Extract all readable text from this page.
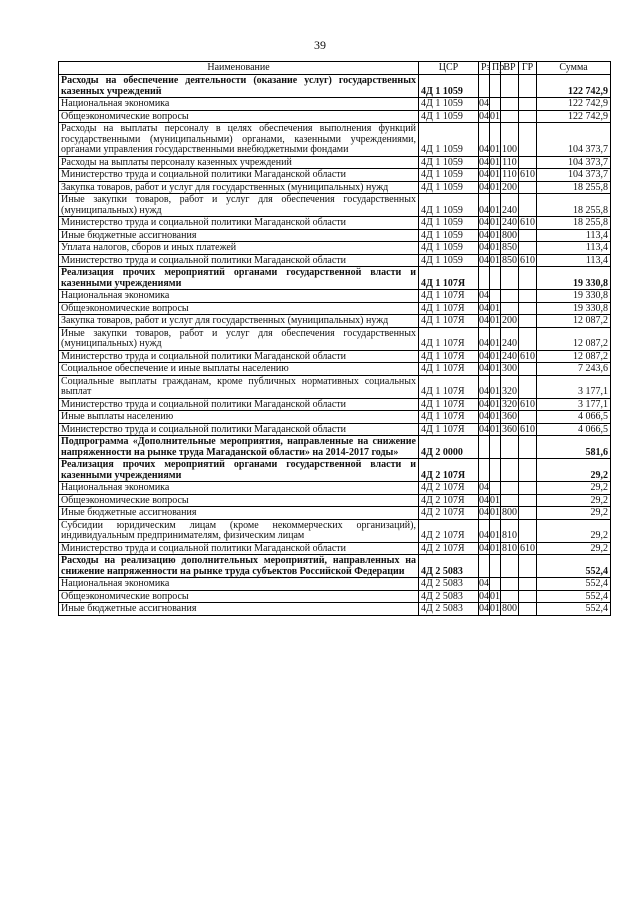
39
Наименование	ЦСР	Рз	Пр	ВР	ГР	Сумма
Расходы на обеспечение деятельности (оказание услуг) государственных казенных учреждений	4Д 1 1059					122 742,9
Национальная экономика	4Д 1 1059	04				122 742,9
Общеэкономические вопросы	4Д 1 1059	04	01			122 742,9
Расходы на выплаты персоналу в целях обеспечения выполнения функций государственными (муниципальными) органами, казенными учреждениями, органами управления государственными внебюджетными фондами	4Д 1 1059	04	01	100		104 373,7
Расходы на выплаты персоналу казенных учреждений	4Д 1 1059	04	01	110		104 373,7
Министерство труда и социальной политики Магаданской области	4Д 1 1059	04	01	110	610	104 373,7
Закупка товаров, работ и услуг для государственных (муниципальных) нужд	4Д 1 1059	04	01	200		18 255,8
Иные закупки товаров, работ и услуг для обеспечения государственных (муниципальных) нужд	4Д 1 1059	04	01	240		18 255,8
Министерство труда и социальной политики Магаданской области	4Д 1 1059	04	01	240	610	18 255,8
Иные бюджетные ассигнования	4Д 1 1059	04	01	800		113,4
Уплата налогов, сборов и иных платежей	4Д 1 1059	04	01	850		113,4
Министерство труда и социальной политики Магаданской области	4Д 1 1059	04	01	850	610	113,4
Реализация прочих мероприятий органами государственной власти и казенными учреждениями	4Д 1 107Я					19 330,8
Национальная экономика	4Д 1 107Я	04				19 330,8
Общеэкономические вопросы	4Д 1 107Я	04	01			19 330,8
Закупка товаров, работ и услуг для государственных (муниципальных) нужд	4Д 1 107Я	04	01	200		12 087,2
Иные закупки товаров, работ и услуг для обеспечения государственных (муниципальных) нужд	4Д 1 107Я	04	01	240		12 087,2
Министерство труда и социальной политики Магаданской области	4Д 1 107Я	04	01	240	610	12 087,2
Социальное обеспечение и иные выплаты населению	4Д 1 107Я	04	01	300		7 243,6
Социальные выплаты гражданам, кроме публичных нормативных социальных выплат	4Д 1 107Я	04	01	320		3 177,1
Министерство труда и социальной политики Магаданской области	4Д 1 107Я	04	01	320	610	3 177,1
Иные выплаты населению	4Д 1 107Я	04	01	360		4 066,5
Министерство труда и социальной политики Магаданской области	4Д 1 107Я	04	01	360	610	4 066,5
Подпрограмма «Дополнительные мероприятия, направленные на снижение напряженности на рынке труда Магаданской области» на 2014-2017 годы»	4Д 2 0000					581,6
Реализация прочих мероприятий органами государственной власти и казенными учреждениями	4Д 2 107Я					29,2
Национальная экономика	4Д 2 107Я	04				29,2
Общеэкономические вопросы	4Д 2 107Я	04	01			29,2
Иные бюджетные ассигнования	4Д 2 107Я	04	01	800		29,2
Субсидии юридическим лицам (кроме некоммерческих организаций), индивидуальным предпринимателям, физическим лицам	4Д 2 107Я	04	01	810		29,2
Министерство труда и социальной политики Магаданской области	4Д 2 107Я	04	01	810	610	29,2
Расходы на реализацию дополнительных мероприятий, направленных на снижение напряженности на рынке труда субъектов Российской Федерации	4Д 2 5083					552,4
Национальная экономика	4Д 2 5083	04				552,4
Общеэкономические вопросы	4Д 2 5083	04	01			552,4
Иные бюджетные ассигнования	4Д 2 5083	04	01	800		552,4
